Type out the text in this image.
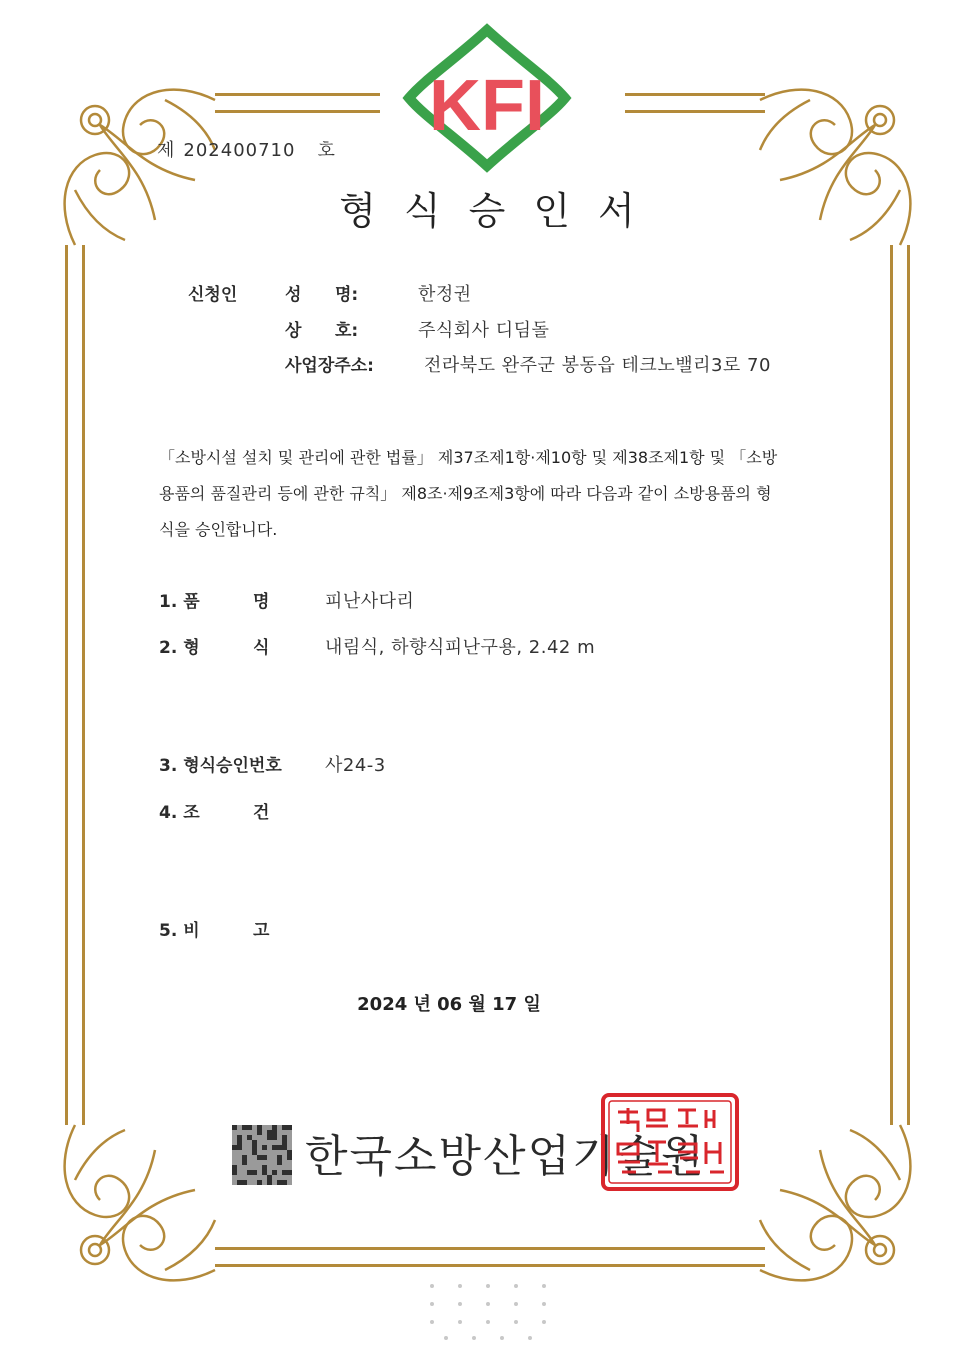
KFI
제 202400710 호
형식승인서
신청인	성 명:	한정권
상 호:	주식회사 디딤돌
사업장주소:	전라북도 완주군 봉동읍 테크노밸리3로 70
「소방시설 설치 및 관리에 관한 법률」 제37조제1항·제10항 및 제38조제1항 및 「소방
용품의 품질관리 등에 관한 규칙」 제8조·제9조제3항에 따라 다음과 같이 소방용품의 형
식을 승인합니다.
1. 품	명	피난사다리
2. 형	식	내림식, 하향식피난구용, 2.42 m
3. 형식승인번호 사24-3
4. 조	건
5. 비	고
2024 년 06 월 17 일
한국소방산업기술원
